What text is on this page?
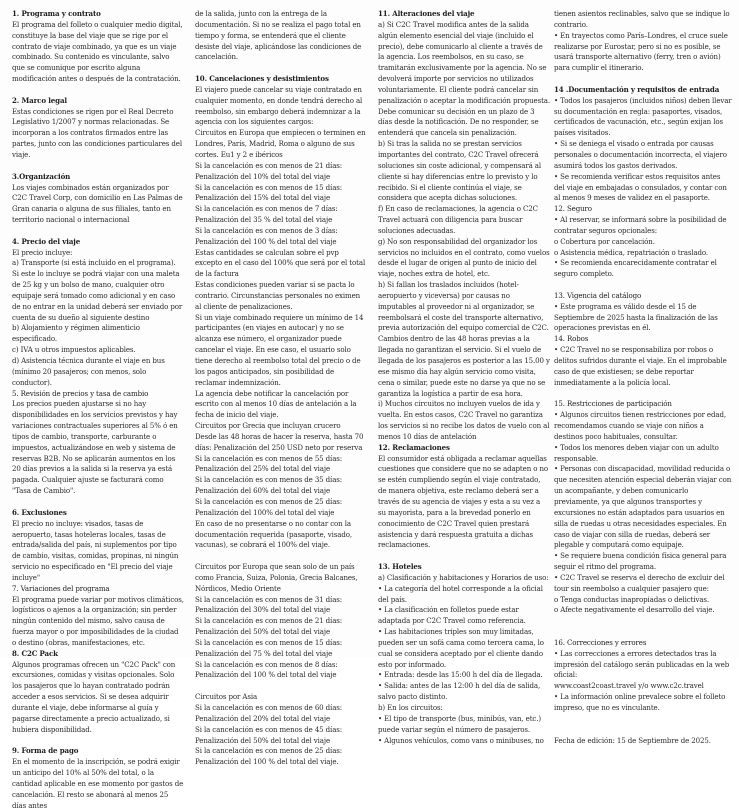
1. Programa y contrato
El programa del folleto o cualquier medio digital, constituye la base del viaje que se rige por el contrato de viaje combinado, ya que es un viaje combinado. Su contenido es vinculante, salvo que se comunique por escrito alguna modificación antes o después de la contratación.
2. Marco legal
Estas condiciones se rigen por el Real Decreto Legislativo 1/2007 y normas relacionadas. Se incorporan a los contratos firmados entre las partes, junto con las condiciones particulares del viaje.
3.Organización
Los viajes combinados están organizados por C2C Travel Corp, con domicilio en Las Palmas de Gran canaria o alguna de sus filiales, tanto en territorio nacional o internacional
4. Precio del viaje
El precio incluye:
a) Transporte (si está incluido en el programa). Si este lo incluye se podrá viajar con una maleta de 25 kg y un bolso de mano, cualquier otro equipaje será tomado como adicional y en caso de no entrar en la unidad deberá ser enviado por cuenta de su dueño al siguiente destino
b) Alojamiento y régimen alimenticio especificado.
c) IVA u otros impuestos aplicables.
d) Asistencia técnica durante el viaje en bus (mínimo 20 pasajeros; con menos, solo conductor).
5. Revisión de precios y tasa de cambio
Los precios pueden ajustarse si no hay disponibilidades en los servicios previstos y hay variaciones contractuales superiores al 5% ó en tipos de cambio, transporte, carburante o impuestos, actualizándose en web y sistema de reservas B2B. No se aplicarán aumentos en los 20 días previos a la salida si la reserva ya está pagada. Cualquier ajuste se facturará como "Tasa de Cambio".
6. Exclusiones
El precio no incluye: visados, tasas de aeropuerto, tasas hoteleras locales, tasas de entrada/salida del país, ni suplementos por tipo de cambio, visitas, comidas, propinas, ni ningún servicio no especificado en "El precio del viaje incluye"
7. Variaciones del programa
El programa puede variar por motivos climáticos, logísticos o ajenos a la organización; sin perder ningún contenido del mismo, salvo causa de fuerza mayor o por imposibilidades de la ciudad o destino (obras, manifestaciones, etc.
8. C2C Pack
Algunos programas ofrecen un "C2C Pack" con excursiones, comidas y visitas opcionales. Solo los pasajeros que lo hayan contratado podrán acceder a esos servicios. Si se desea adquirir durante el viaje, debe informarse al guía y pagarse directamente a precio actualizado, si hubiera disponibilidad.
9. Forma de pago
En el momento de la inscripción, se podrá exigir un anticipo del 10% al 50% del total, o la cantidad aplicable en ese momento por gastos de cancelación. El resto se abonará al menos 25 días antes
de la salida, junto con la entrega de la documentación. Si no se realiza el pago total en tiempo y forma, se entenderá que el cliente desiste del viaje, aplicándose las condiciones de cancelación.
10. Cancelaciones y desistimientos
El viajero puede cancelar su viaje contratado en cualquier momento, en donde tendrá derecho al reembolso, sin embargo deberá indemnizar a la agencia con los siguientes cargos:
Circuitos en Europa que empiecen o terminen en Londres, París, Madrid, Roma o alguno de sus cortes. Eu1 y 2 e ibéricos
Si la cancelación es con menos de 21 días: Penalización del 10% del total del viaje
Si la cancelación es con menos de 15 días: Penalización del 15% del total del viaje
Si la cancelación es con menos de 7 días: Penalización del 35 % del total del viaje
Si la cancelación es con menos de 3 días: Penalización del 100 % del total del viaje
Estas cantidades se calculan sobre el pvp excepto en el caso del 100% que será por el total de la factura
Estas condiciones pueden variar si se pacta lo contrario. Circunstancias personales no eximen al cliente de penalizaciones.
Si un viaje combinado requiere un mínimo de 14 participantes (en viajes en autocar) y no se alcanza ese número, el organizador puede cancelar el viaje. En ese caso, el usuario solo tiene derecho al reembolso total del precio o de los pagos anticipados, sin posibilidad de reclamar indemnización.
La agencia debe notificar la cancelación por escrito con al menos 10 días de antelación a la fecha de inicio del viaje.
Circuitos por Grecia que incluyan crucero
Desde las 48 horas de hacer la reserva, hasta 70 días: Penalización del 250 USD neto por reserva
Si la cancelación es con menos de 55 días: Penalización del 25% del total del viaje
Si la cancelación es con menos de 35 días: Penalización del 60% del total del viaje
Si la cancelación es con menos de 25 días: Penalización del 100% del total del viaje
En caso de no presentarse o no contar con la documentación requerida (pasaporte, visado, vacunas), se cobrará el 100% del viaje.
Circuitos por Europa que sean solo de un país como Francia, Suiza, Polonia, Grecia Balcanes, Nórdicos, Medio Oriente
Si la cancelación es con menos de 31 días: Penalización del 30% del total del viaje
Si la cancelación es con menos de 21 días: Penalización del 50% del total del viaje
Si la cancelación es con menos de 15 días: Penalización del 75 % del total del viaje
Si la cancelación es con menos de 8 días: Penalización del 100 % del total del viaje
Circuitos por Asia
Si la cancelación es con menos de 60 días: Penalización del 20% del total del viaje
Si la cancelación es con menos de 45 días: Penalización del 50% del total del viaje
Si la cancelación es con menos de 25 días: Penalización del 100 % del total del viaje.
11. Alteraciones del viaje
a) Si C2C Travel modifica antes de la salida algún elemento esencial del viaje (incluido el precio), debe comunicarlo al cliente a través de la agencia. Los reembolsos, en su caso, se tramitarán exclusivamente por la agencia. No se devolverá importe por servicios no utilizados voluntariamente. El cliente podrá cancelar sin penalización o aceptar la modificación propuesta. Debe comunicar su decisión en un plazo de 3 días desde la notificación. De no responder, se entenderá que cancela sin penalización.
b) Si tras la salida no se prestan servicios importantes del contrato, C2C Travel ofrecerá soluciones sin coste adicional, y compensará al cliente si hay diferencias entre lo previsto y lo recibido. Si el cliente continúa el viaje, se considera que acepta dichas soluciones.
f) En caso de reclamaciones, la agencia o C2C Travel actuará con diligencia para buscar soluciones adecuadas.
g) No son responsabilidad del organizador los servicios no incluidos en el contrato, como vuelos desde el lugar de origen al punto de inicio del viaje, noches extra de hotel, etc.
h) Si fallan los traslados incluidos (hotel-aeropuerto y viceversa) por causas no imputables al proveedor ni al organizador, se reembolsará el coste del transporte alternativo, previa autorización del equipo comercial de C2C. Cambios dentro de las 48 horas previas a la llegada no garantizan el servicio. Si el vuelo de llegada de los pasajeros es posterior a las 15.00 y ese mismo día hay algún servicio como visita, cena o similar, puede este no darse ya que no se garantiza la logística a partir de esa hora.
i) Muchos circuitos no incluyen vuelos de ida y vuelta. En estos casos, C2C Travel no garantiza los servicios si no recibe los datos de vuelo con al menos 10 días de antelación
12. Reclamaciones
El consumidor está obligada a reclamar aquellas cuestiones que considere que no se adapten o no se estén cumpliendo según el viaje contratado, de manera objetiva, este reclamo deberá ser a través de su agencia de viajes y esta a su vez a su mayorista, para a la brevedad ponerlo en conocimiento de C2C Travel quien prestará asistencia y dará respuesta gratuita a dichas reclamaciones.
13. Hoteles
a) Clasificación y habitaciones y Horarios de uso:
• La categoría del hotel corresponde a la oficial del país.
• La clasificación en folletos puede estar adaptada por C2C Travel como referencia.
• Las habitaciones triples son muy limitadas, pueden ser un sofá cama como tercera cama, lo cual se considera aceptado por el cliente dando esto por informado.
• Entrada: desde las 15:00 h del día de llegada.
• Salida: antes de las 12:00 h del día de salida, salvo pacto distinto.
b) En los circuitos:
• El tipo de transporte (bus, minibús, van, etc.) puede variar según el número de pasajeros.
• Algunos vehículos, como vans o minibuses, no
tienen asientos reclinables, salvo que se indique lo contrario.
• En trayectos como París–Londres, el cruce suele realizarse por Eurostar, pero si no es posible, se usará transporte alternativo (ferry, tren o avión) para cumplir el itinerario.
14 .Documentación y requisitos de entrada
• Todos los pasajeros (incluidos niños) deben llevar su documentación en regla: pasaportes, visados, certificados de vacunación, etc., según exijan los países visitados.
• Si se deniega el visado o entrada por causas personales o documentación incorrecta, el viajero asumirá todos los gastos derivados.
• Se recomienda verificar estos requisitos antes del viaje en embajadas o consulados, y contar con al menos 9 meses de validez en el pasaporte.
12. Seguro
• Al reservar, se informará sobre la posibilidad de contratar seguros opcionales:
o Cobertura por cancelación.
o Asistencia médica, repatriación o traslado.
• Se recomienda encarecidamente contratar el seguro completo.
13. Vigencia del catálogo
• Este programa es válido desde el 15 de Septiembre de 2025 hasta la finalización de las operaciones previstas en él.
14. Robos
• C2C Travel no se responsabiliza por robos o delitos sufridos durante el viaje. En el improbable caso de que existiesen; se debe reportar inmediatamente a la policía local.
15. Restricciones de participación
• Algunos circuitos tienen restricciones por edad, recomendamos cuando se viaje con niños a destinos poco habituales, consultar.
• Todos los menores deben viajar con un adulto responsable.
• Personas con discapacidad, movilidad reducida o que necesiten atención especial deberán viajar con un acompañante, y deben comunicarlo previamente, ya que algunos transportes y excursiones no están adaptados para usuarios en silla de ruedas u otras necesidades especiales. En caso de viajar con silla de ruedas, deberá ser plegable y computará como equipaje.
• Se requiere buena condición física general para seguir el ritmo del programa.
• C2C Travel se reserva el derecho de excluir del tour sin reembolso a cualquier pasajero que:
o Tenga conductas inapropiadas o delictivas.
o Afecte negativamente el desarrollo del viaje.
16. Correcciones y errores
• Las correcciones a errores detectados tras la impresión del catálogo serán publicadas en la web oficial:
www.coast2coast.travel y/o www.c2c.travel
• La información online prevalece sobre el folleto impreso, que no es vinculante.
Fecha de edición: 15 de Septiembre de 2025.
